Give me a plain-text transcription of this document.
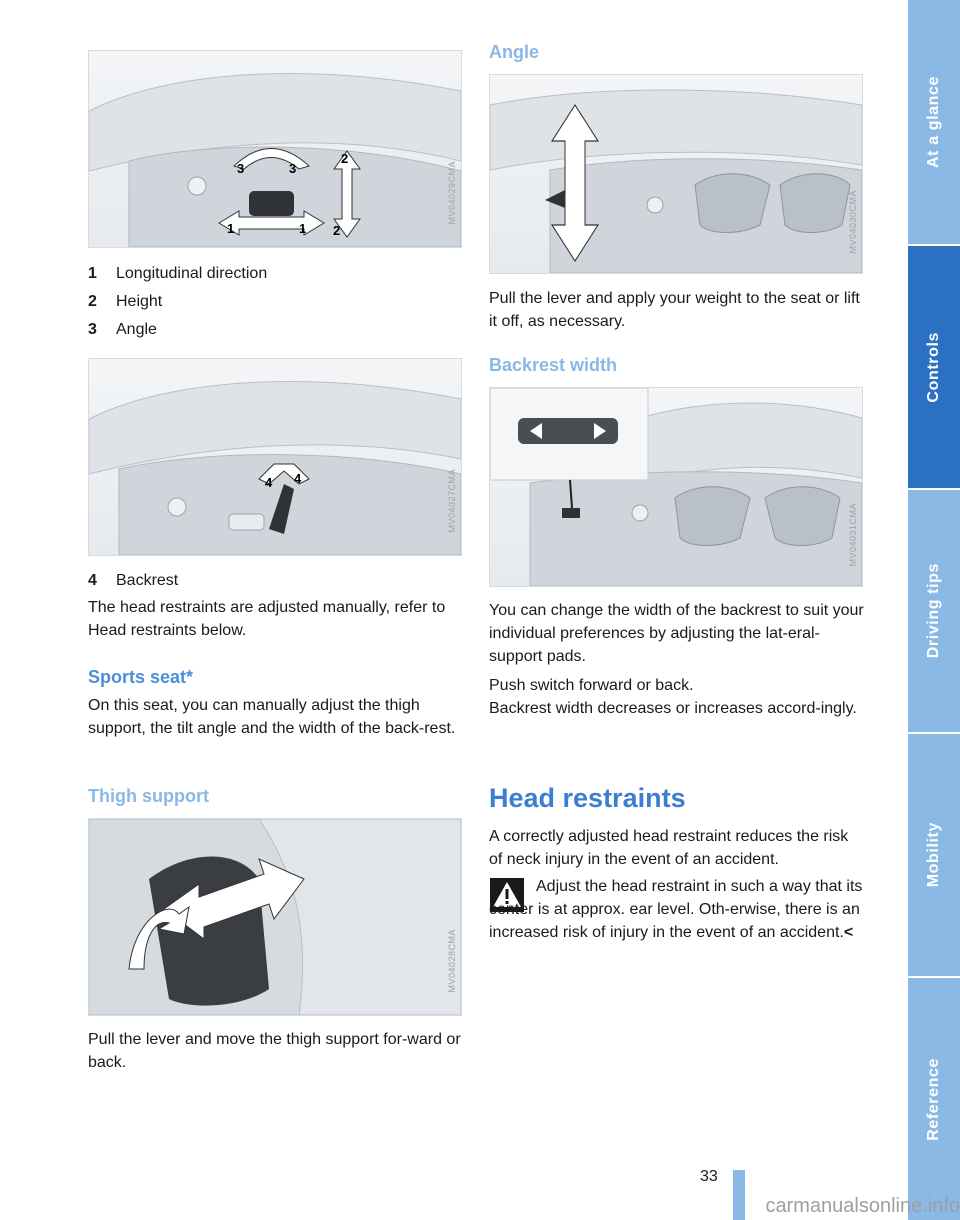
1	1
2
2
3	3	MV04029CMA
1 Longitudinal direction
2 Height
3 Angle
4 4	MV04027CMA
4 Backrest
The head restraints are adjusted manually, refer to Head restraints below.
Sports seat*
On this seat, you can manually adjust the thigh support, the tilt angle and the width of the back-rest.
Thigh support
MV04028CMA
Pull the lever and move the thigh support for-ward or back.
Angle
MV04030CMA
Pull the lever and apply your weight to the seat or lift it off, as necessary.
Backrest width
MV04031CMA
You can change the width of the backrest to suit your individual preferences by adjusting the lat-eral-support pads.
Push switch forward or back.
Backrest width decreases or increases accord-ingly.
Head restraints
A correctly adjusted head restraint reduces the risk of neck injury in the event of an accident.
Adjust the head restraint in such a way that its center is at approx. ear level. Oth-erwise, there is an increased risk of injury in the event of an accident.<
At a glance
Controls
Driving tips
Mobility
Reference
33
carmanualsonline.info
